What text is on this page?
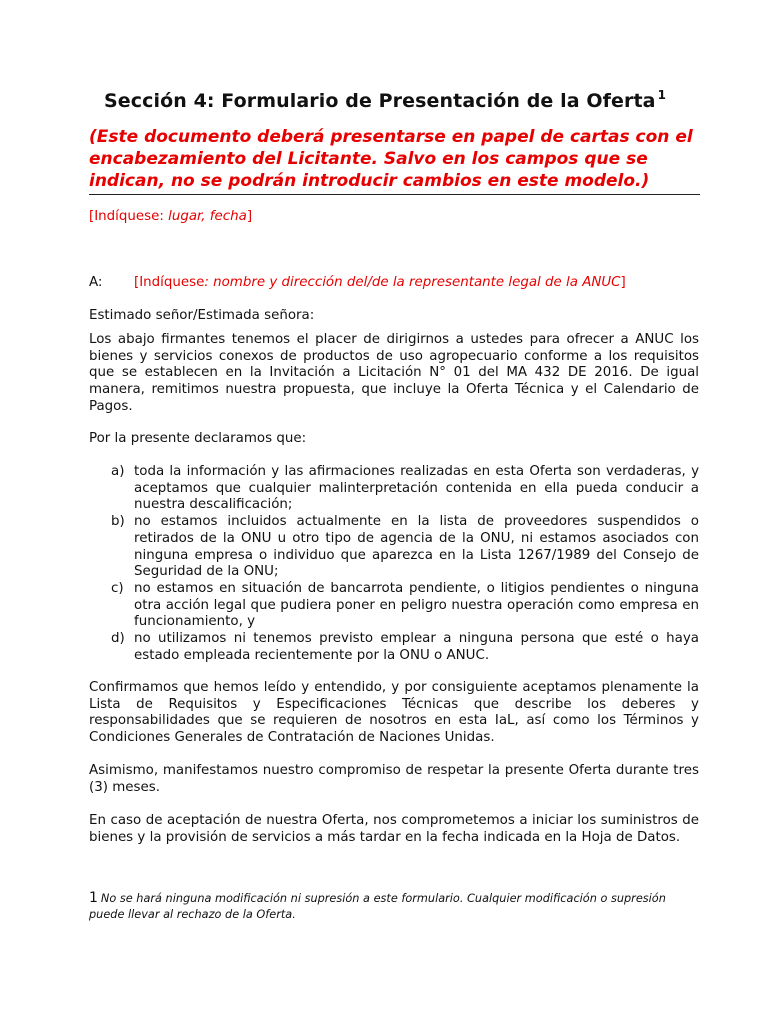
Sección 4: Formulario de Presentación de la Oferta $^1$
(Este documento deberá presentarse en papel de cartas con el encabezamiento del Licitante. Salvo en los campos que se indican, no se podrán introducir cambios en este modelo.)
[Indíquese: lugar, fecha]
A: [Indíquese: nombre y dirección del/de la representante legal de la ANUC]
Estimado señor/Estimada señora:
Los abajo firmantes tenemos el placer de dirigirnos a ustedes para ofrecer a ANUC los bienes y servicios conexos de productos de uso agropecuario conforme a los requisitos que se establecen en la Invitación a Licitación N° 01 del MA 432 DE 2016. De igual manera, remitimos nuestra propuesta, que incluye la Oferta Técnica y el Calendario de Pagos.
Por la presente declaramos que:
a) toda la información y las afirmaciones realizadas en esta Oferta son verdaderas, y aceptamos que cualquier malinterpretación contenida en ella pueda conducir a nuestra descalificación;
b) no estamos incluidos actualmente en la lista de proveedores suspendidos o retirados de la ONU u otro tipo de agencia de la ONU, ni estamos asociados con ninguna empresa o individuo que aparezca en la Lista 1267/1989 del Consejo de Seguridad de la ONU;
c) no estamos en situación de bancarrota pendiente, o litigios pendientes o ninguna otra acción legal que pudiera poner en peligro nuestra operación como empresa en funcionamiento, y
d) no utilizamos ni tenemos previsto emplear a ninguna persona que esté o haya estado empleada recientemente por la ONU o ANUC.
Confirmamos que hemos leído y entendido, y por consiguiente aceptamos plenamente la Lista de Requisitos y Especificaciones Técnicas que describe los deberes y responsabilidades que se requieren de nosotros en esta IaL, así como los Términos y Condiciones Generales de Contratación de Naciones Unidas.
Asimismo, manifestamos nuestro compromiso de respetar la presente Oferta durante tres (3) meses.
En caso de aceptación de nuestra Oferta, nos comprometemos a iniciar los suministros de bienes y la provisión de servicios a más tardar en la fecha indicada en la Hoja de Datos.
1 No se hará ninguna modificación ni supresión a este formulario. Cualquier modificación o supresión puede llevar al rechazo de la Oferta.
